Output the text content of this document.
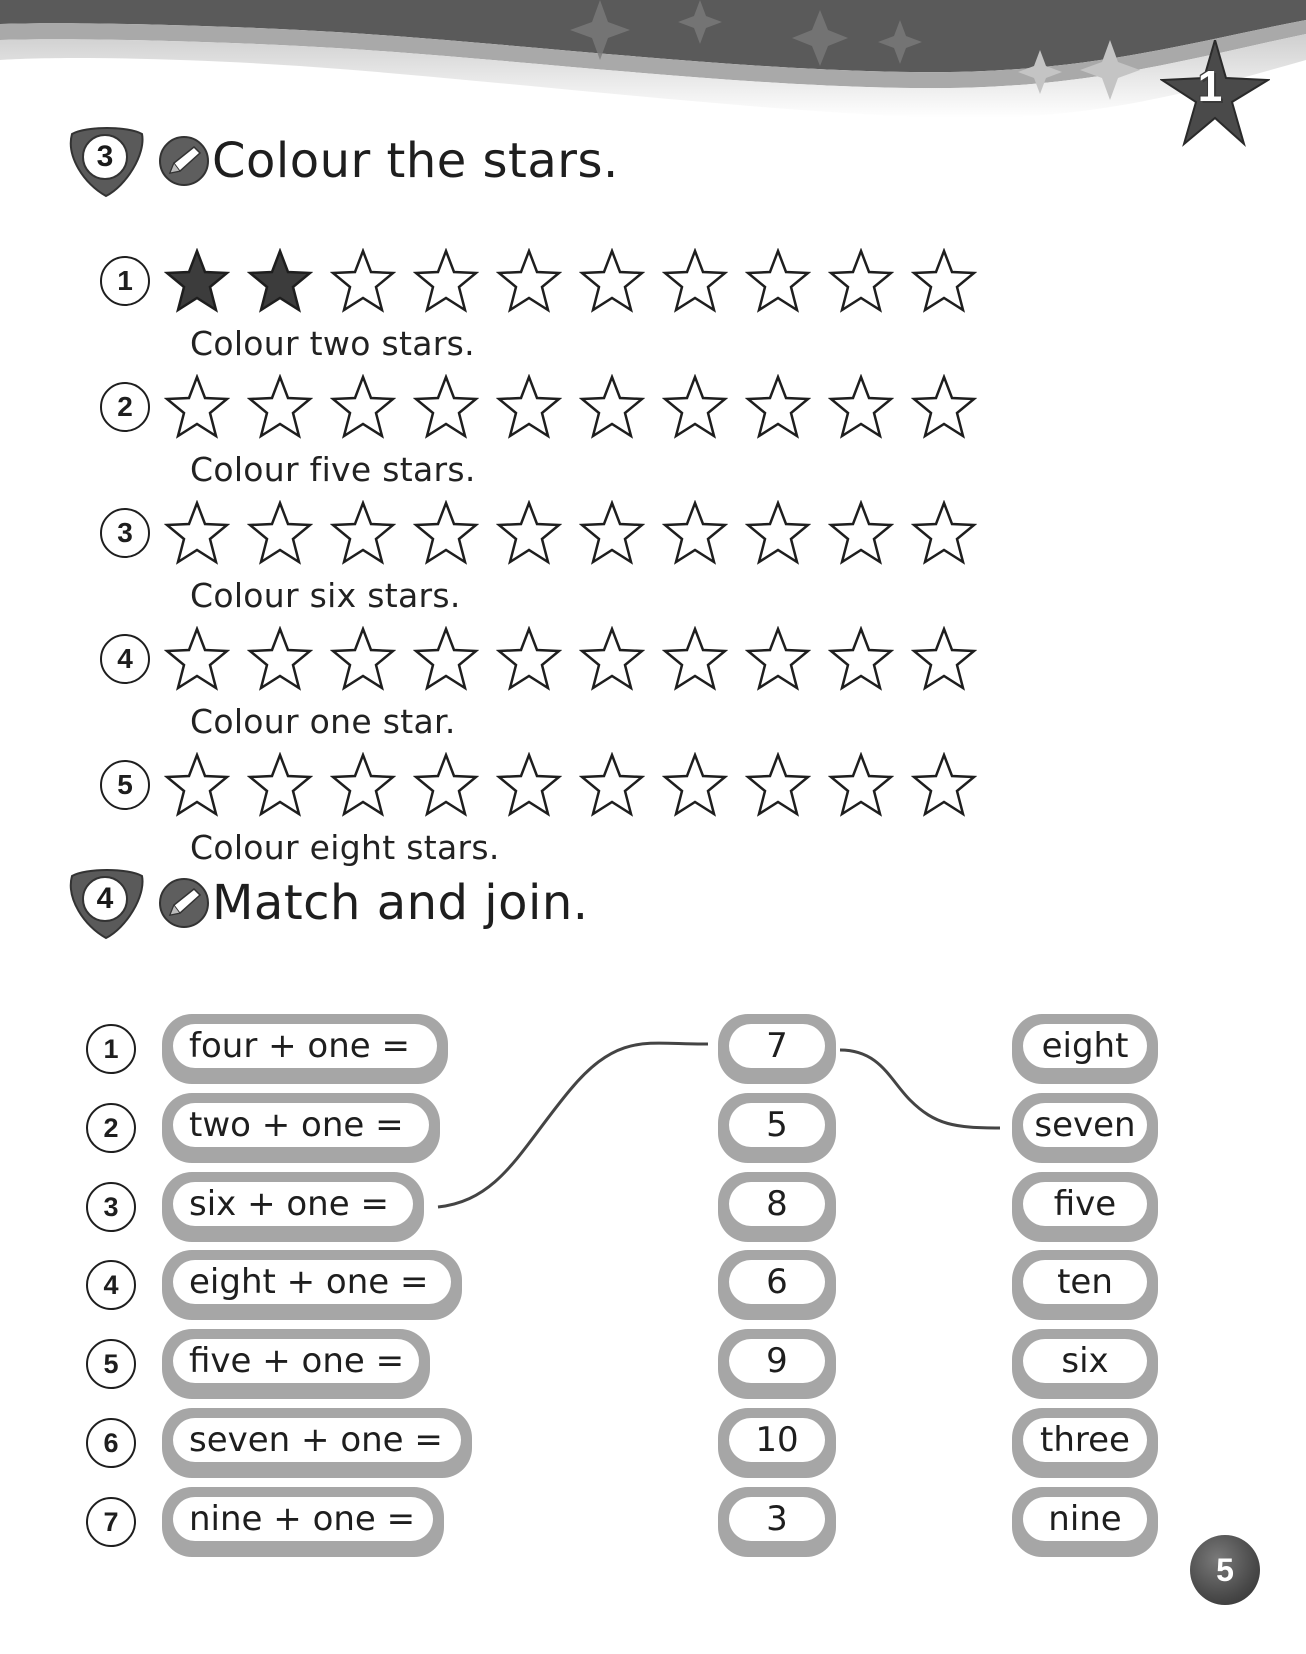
1
3 Colour the stars.
1
Colour two stars.
2
Colour five stars.
3
Colour six stars.
4
Colour one star.
5
Colour eight stars.
4 Match and join.
1	four + one =	7	eight
2	two + one =	5	seven
3	six + one =	8	five
4	eight + one =	6	ten
5	five + one =	9	six
6	seven + one =	10	three
7	nine + one =	3	nine
5
